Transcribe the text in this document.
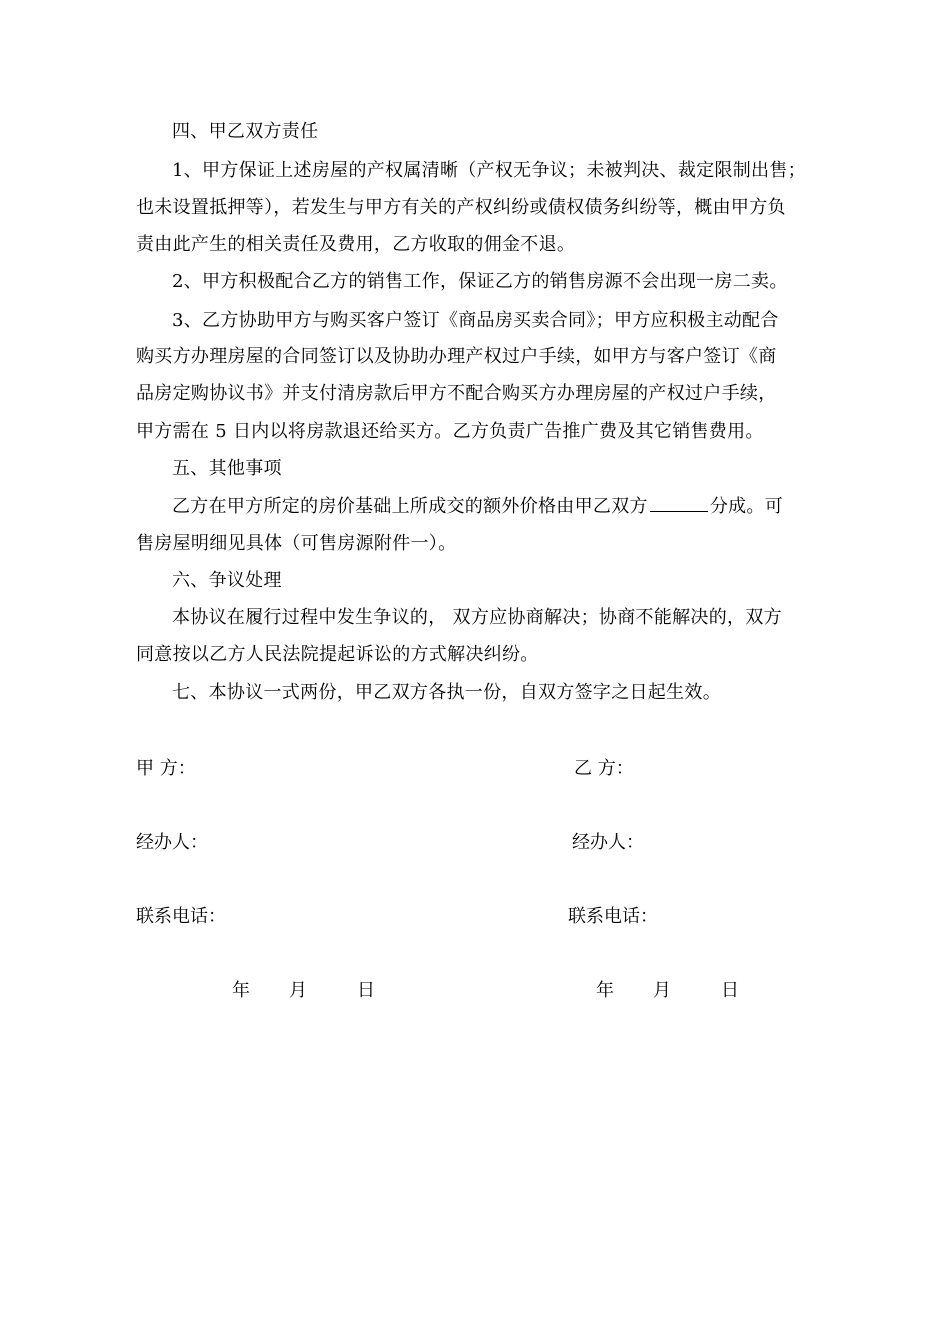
四、甲乙双方责任
1、甲方保证上述房屋的产权属清晰（产权无争议；未被判决、裁定限制出售；
也未设置抵押等），若发生与甲方有关的产权纠纷或债权债务纠纷等，概由甲方负
责由此产生的相关责任及费用，乙方收取的佣金不退。
2、甲方积极配合乙方的销售工作，保证乙方的销售房源不会出现一房二卖。
3、乙方协助甲方与购买客户签订《商品房买卖合同》；甲方应积极主动配合
购买方办理房屋的合同签订以及协助办理产权过户手续，如甲方与客户签订《商
品房定购协议书》并支付清房款后甲方不配合购买方办理房屋的产权过户手续，
甲方需在 5 日内以将房款退还给买方。乙方负责广告推广费及其它销售费用。
五、其他事项
乙方在甲方所定的房价基础上所成交的额外价格由甲乙双方	分成。可
售房屋明细见具体（可售房源附件一）。
六、争议处理
本协议在履行过程中发生争议的， 双方应协商解决；协商不能解决的，双方
同意按以乙方人民法院提起诉讼的方式解决纠纷。
七、本协议一式两份，甲乙双方各执一份，自双方签字之日起生效。
甲 方：	乙 方：
经办人：	经办人：
联系电话：	联系电话：
年 月	日	年 月	日
